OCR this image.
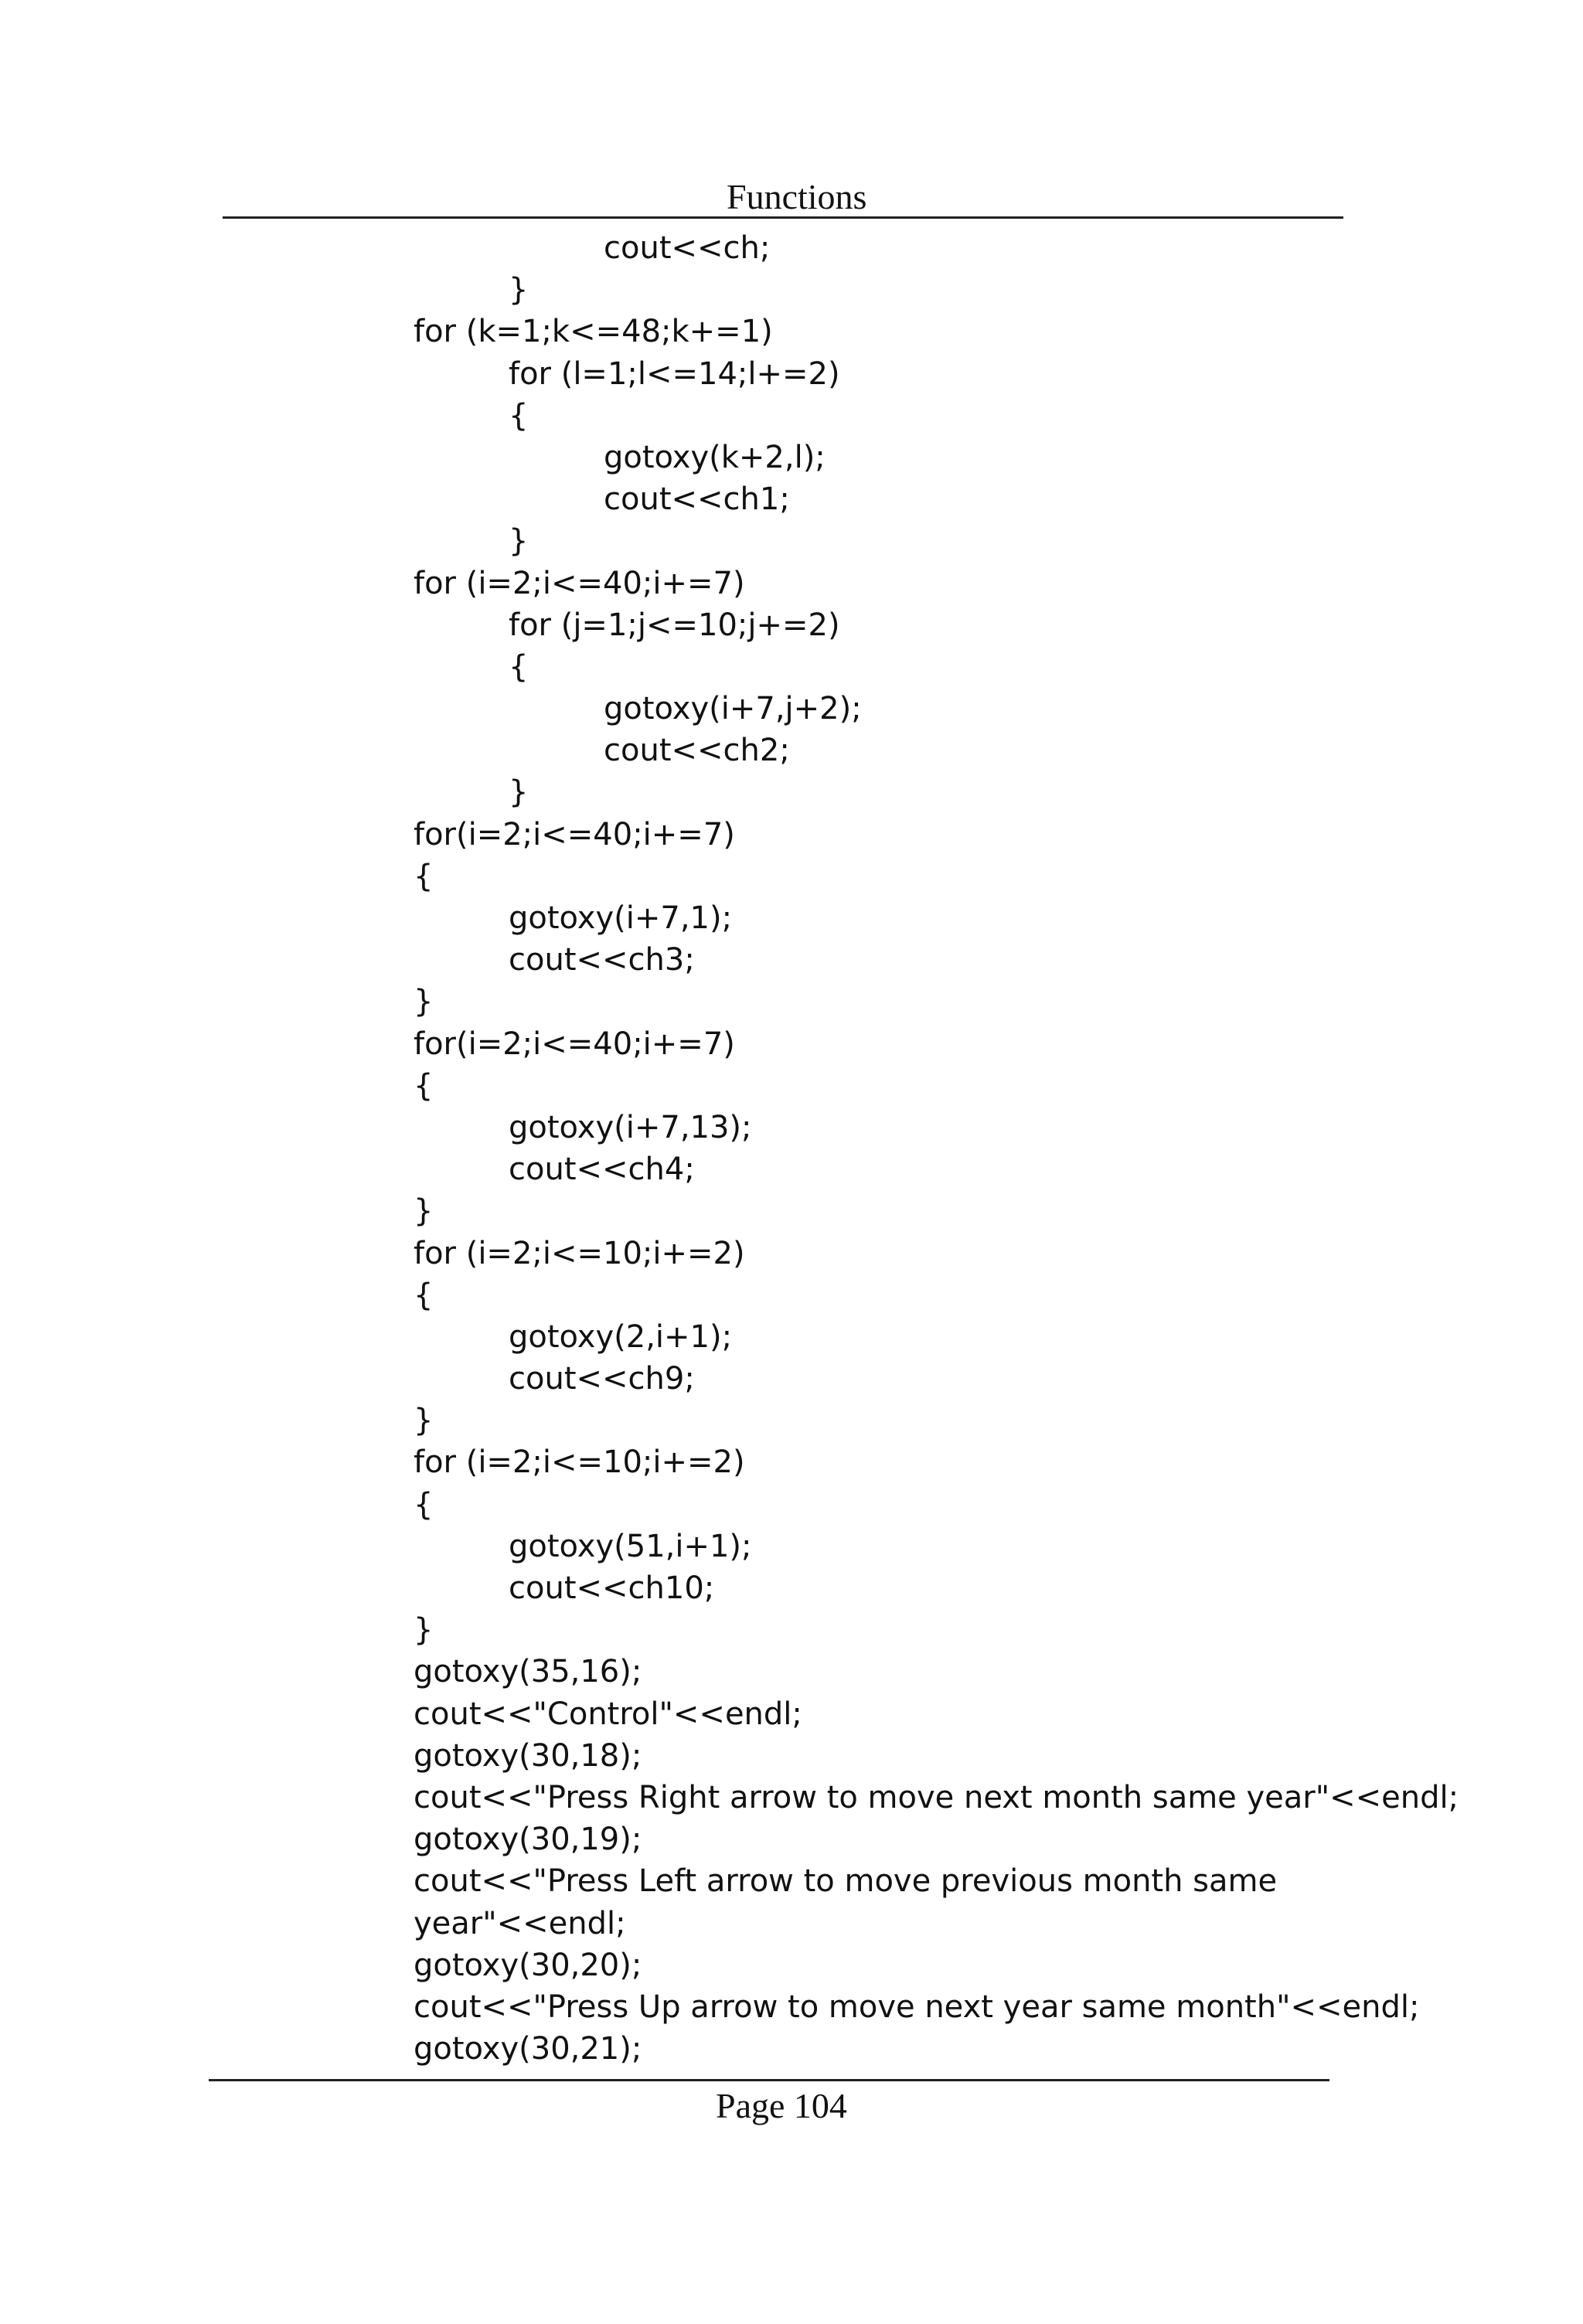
Functions
cout<<ch;
}
for (k=1;k<=48;k+=1)
for (l=1;l<=14;l+=2)
{
gotoxy(k+2,l);
cout<<ch1;
}
for (i=2;i<=40;i+=7)
for (j=1;j<=10;j+=2)
{
gotoxy(i+7,j+2);
cout<<ch2;
}
for(i=2;i<=40;i+=7)
{
gotoxy(i+7,1);
cout<<ch3;
}
for(i=2;i<=40;i+=7)
{
gotoxy(i+7,13);
cout<<ch4;
}
for (i=2;i<=10;i+=2)
{
gotoxy(2,i+1);
cout<<ch9;
}
for (i=2;i<=10;i+=2)
{
gotoxy(51,i+1);
cout<<ch10;
}
gotoxy(35,16);
cout<<"Control"<<endl;
gotoxy(30,18);
cout<<"Press Right arrow to move next month same year"<<endl;
gotoxy(30,19);
cout<<"Press Left arrow to move previous month same
year"<<endl;
gotoxy(30,20);
cout<<"Press Up arrow to move next year same month"<<endl;
gotoxy(30,21);
Page 104
